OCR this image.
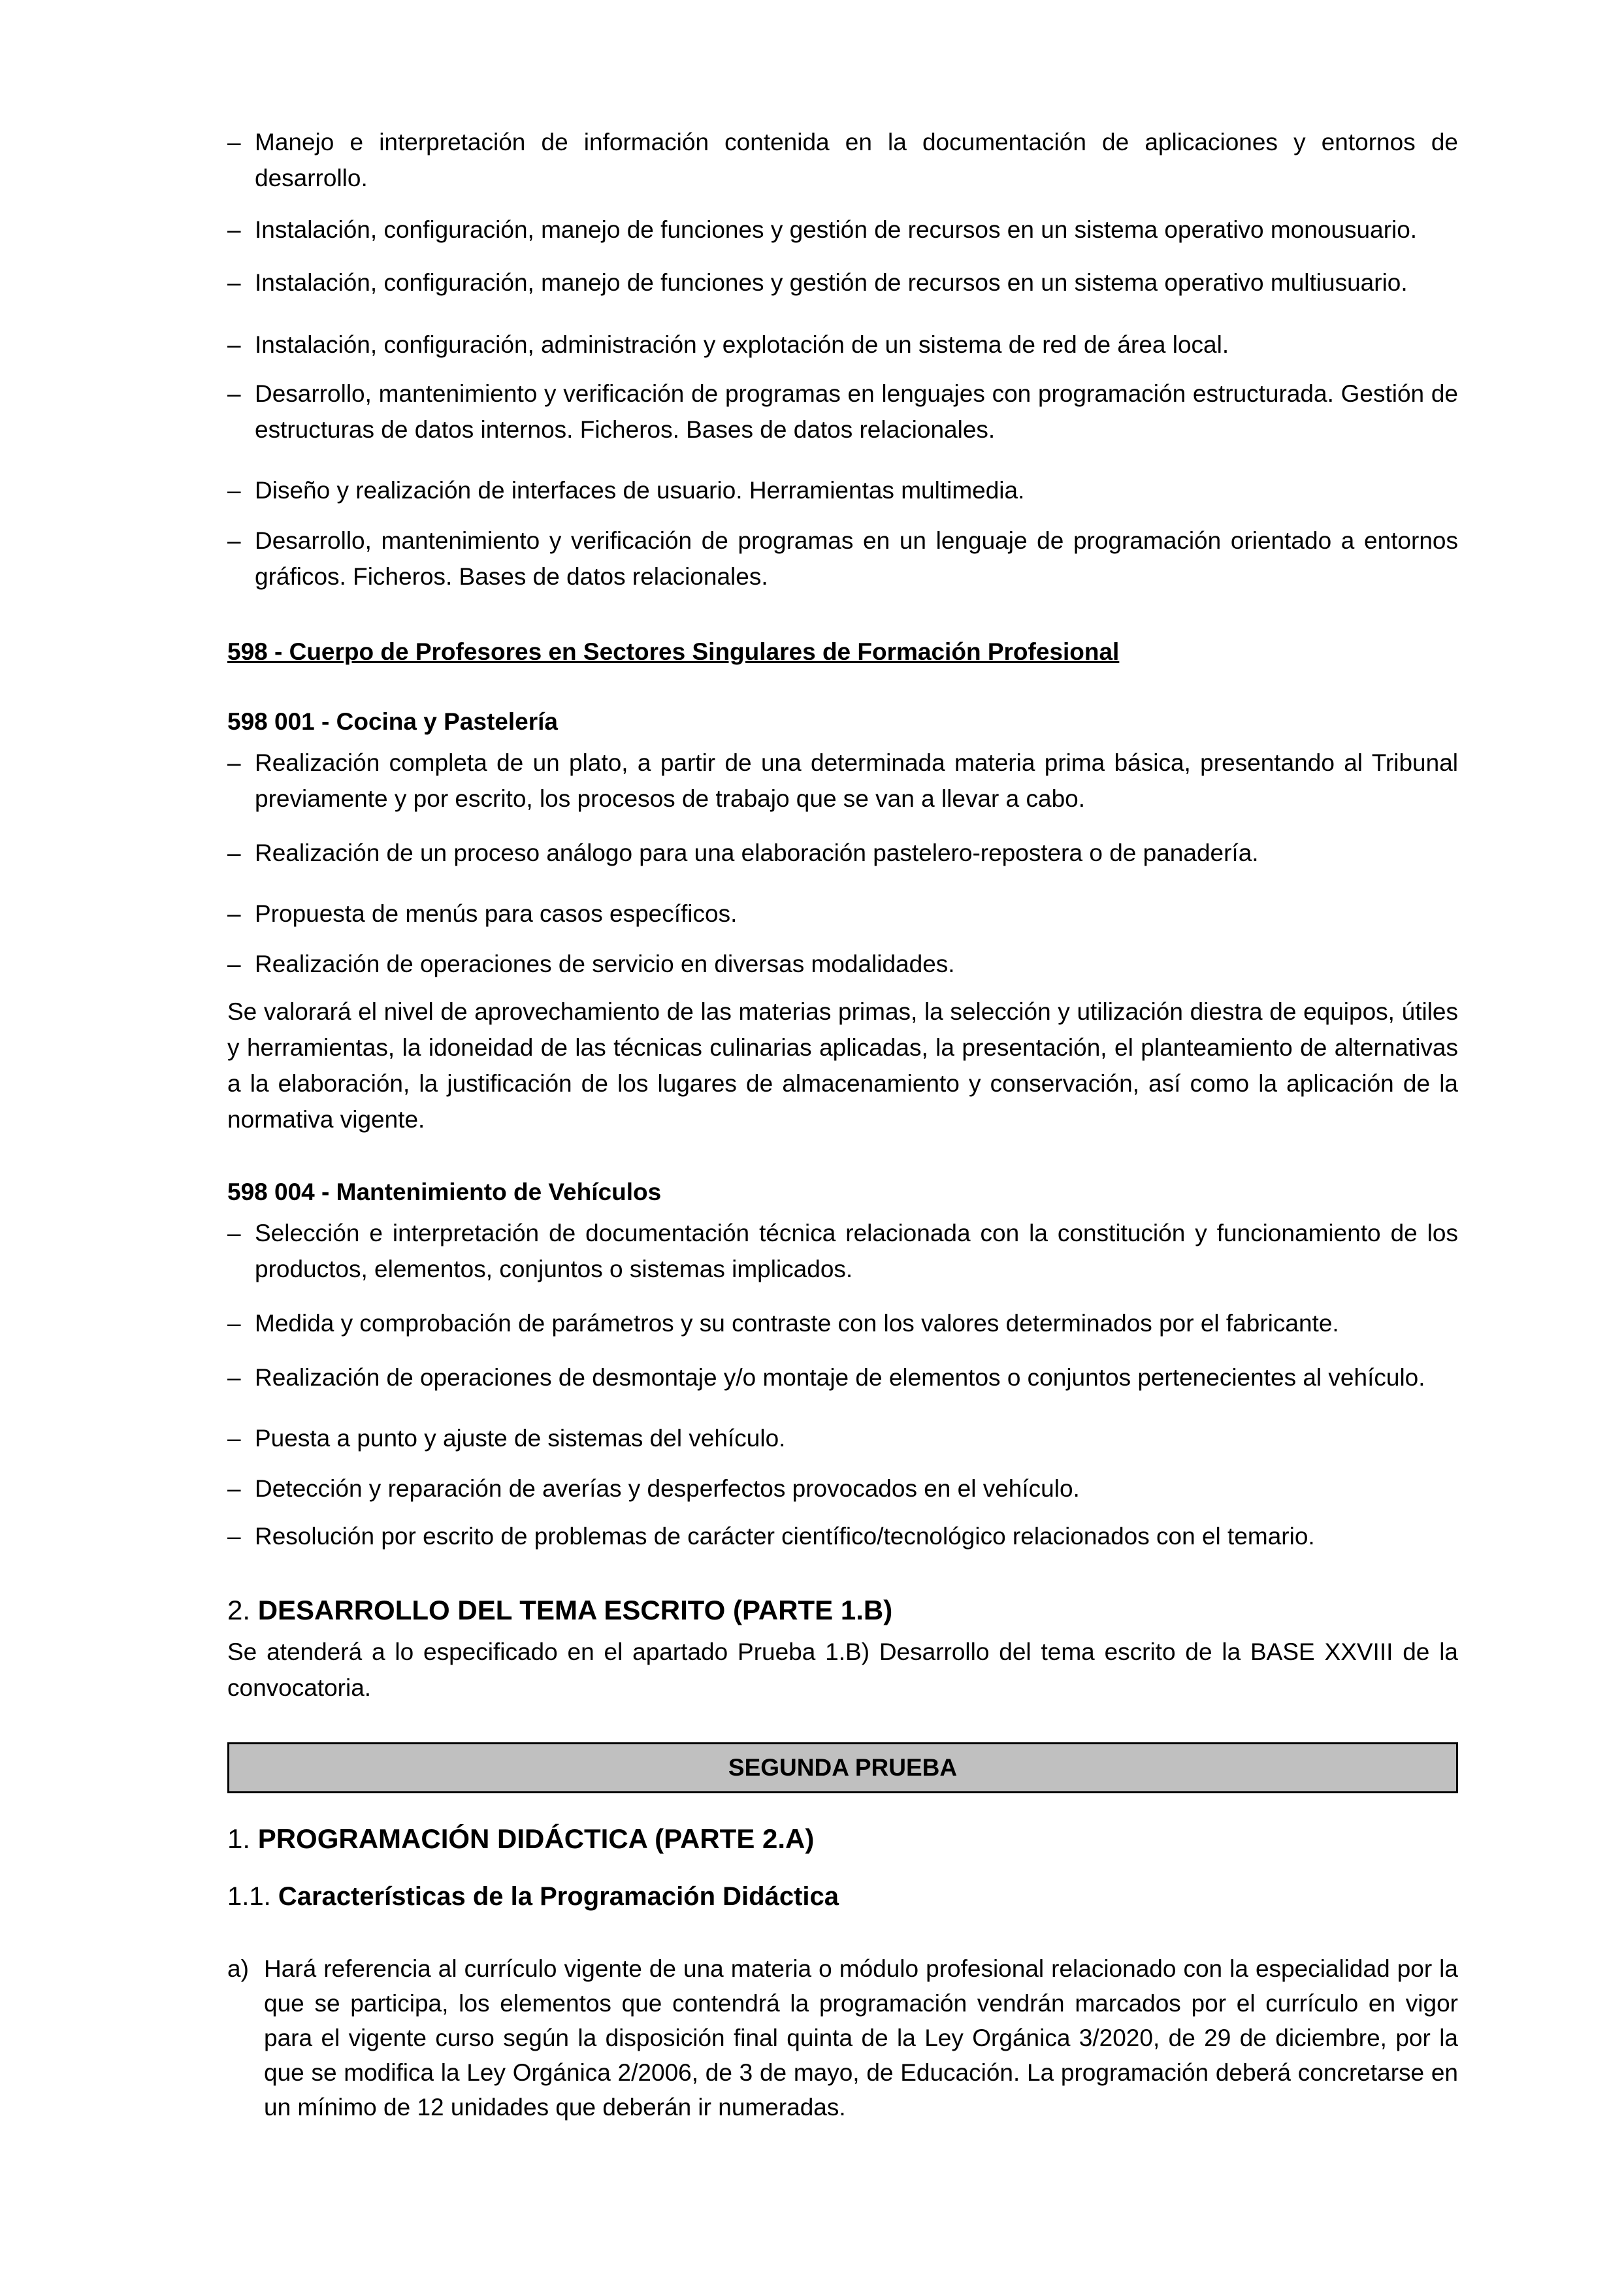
– Manejo e interpretación de información contenida en la documentación de aplicaciones y entornos de desarrollo.
– Instalación, configuración, manejo de funciones y gestión de recursos en un sistema operativo monousuario.
– Instalación, configuración, manejo de funciones y gestión de recursos en un sistema operativo multiusuario.
– Instalación, configuración, administración y explotación de un sistema de red de área local.
– Desarrollo, mantenimiento y verificación de programas en lenguajes con programación estructurada. Gestión de estructuras de datos internos. Ficheros. Bases de datos relacionales.
– Diseño y realización de interfaces de usuario. Herramientas multimedia.
– Desarrollo, mantenimiento y verificación de programas en un lenguaje de programación orientado a entornos gráficos. Ficheros. Bases de datos relacionales.

598 - Cuerpo de Profesores en Sectores Singulares de Formación Profesional

598 001 - Cocina y Pastelería

– Realización completa de un plato, a partir de una determinada materia prima básica, presentando al Tribunal previamente y por escrito, los procesos de trabajo que se van a llevar a cabo.
– Realización de un proceso análogo para una elaboración pastelero-repostera o de panadería.
– Propuesta de menús para casos específicos.
– Realización de operaciones de servicio en diversas modalidades.

Se valorará el nivel de aprovechamiento de las materias primas, la selección y utilización diestra de equipos, útiles y herramientas, la idoneidad de las técnicas culinarias aplicadas, la presentación, el planteamiento de alternativas a la elaboración, la justificación de los lugares de almacenamiento y conservación, así como la aplicación de la normativa vigente.

598 004 - Mantenimiento de Vehículos

– Selección e interpretación de documentación técnica relacionada con la constitución y funcionamiento de los productos, elementos, conjuntos o sistemas implicados.
– Medida y comprobación de parámetros y su contraste con los valores determinados por el fabricante.
– Realización de operaciones de desmontaje y/o montaje de elementos o conjuntos pertenecientes al vehículo.
– Puesta a punto y ajuste de sistemas del vehículo.
– Detección y reparación de averías y desperfectos provocados en el vehículo.
– Resolución por escrito de problemas de carácter científico/tecnológico relacionados con el temario.

2. DESARROLLO DEL TEMA ESCRITO (PARTE 1.B)

Se atenderá a lo especificado en el apartado Prueba 1.B) Desarrollo del tema escrito de la BASE XXVIII de la convocatoria.

SEGUNDA PRUEBA

1. PROGRAMACIÓN DIDÁCTICA (PARTE 2.A)

1.1. Características de la Programación Didáctica

a) Hará referencia al currículo vigente de una materia o módulo profesional relacionado con la especialidad por la que se participa, los elementos que contendrá la programación vendrán marcados por el currículo en vigor para el vigente curso según la disposición final quinta de la Ley Orgánica 3/2020, de 29 de diciembre, por la que se modifica la Ley Orgánica 2/2006, de 3 de mayo, de Educación. La programación deberá concretarse en un mínimo de 12 unidades que deberán ir numeradas.
